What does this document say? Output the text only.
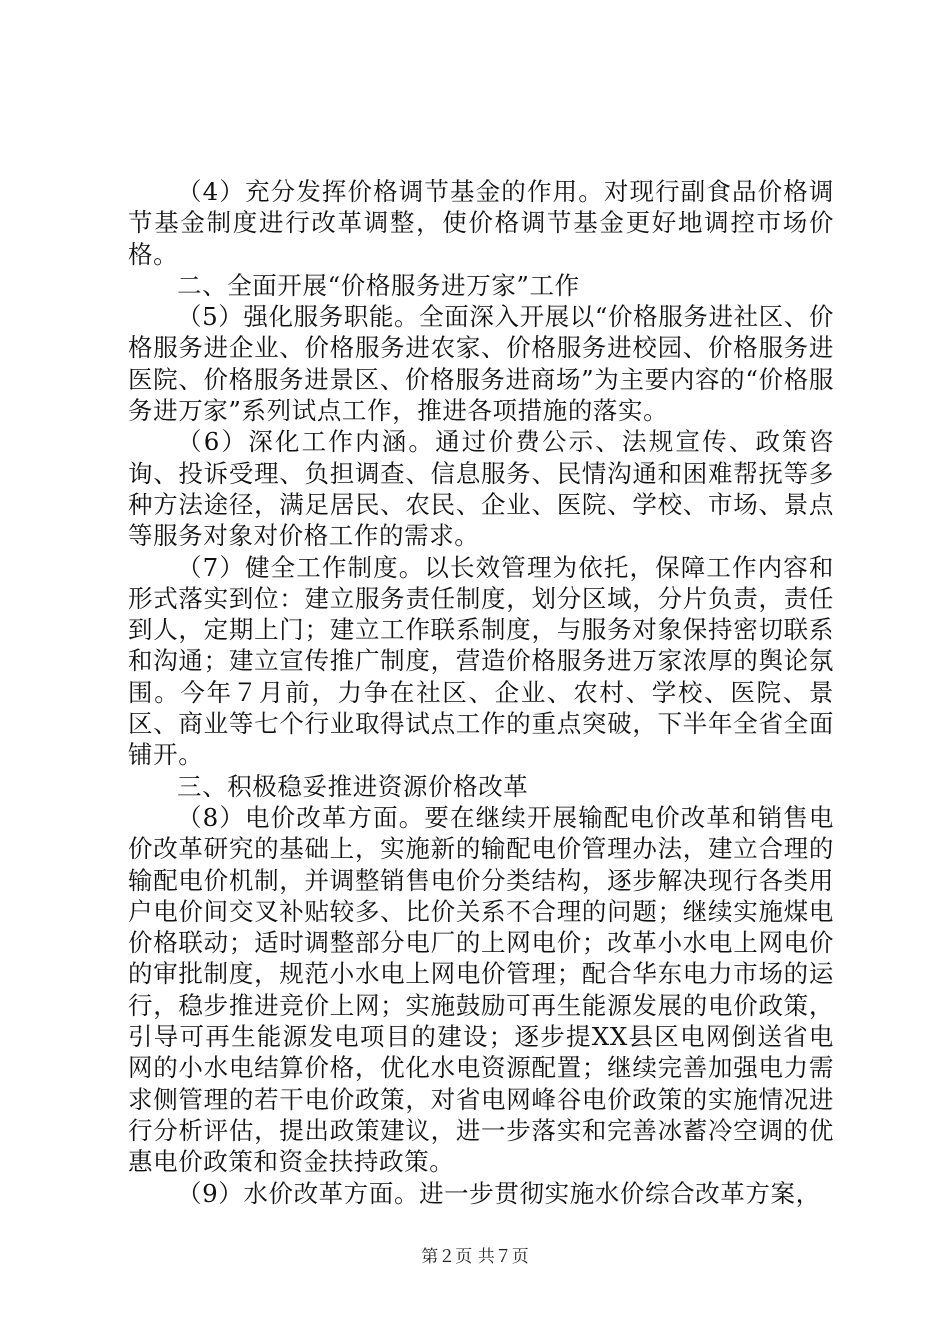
（4）充分发挥价格调节基金的作用。对现行副食品价格调节基金制度进行改革调整，使价格调节基金更好地调控市场价格。

二、全面开展“价格服务进万家”工作

（5）强化服务职能。全面深入开展以“价格服务进社区、价格服务进企业、价格服务进农家、价格服务进校园、价格服务进医院、价格服务进景区、价格服务进商场”为主要内容的“价格服务进万家”系列试点工作，推进各项措施的落实。

（6）深化工作内涵。通过价费公示、法规宣传、政策咨询、投诉受理、负担调查、信息服务、民情沟通和困难帮抚等多种方法途径，满足居民、农民、企业、医院、学校、市场、景点等服务对象对价格工作的需求。

（7）健全工作制度。以长效管理为依托，保障工作内容和形式落实到位：建立服务责任制度，划分区域，分片负责，责任到人，定期上门；建立工作联系制度，与服务对象保持密切联系和沟通；建立宣传推广制度，营造价格服务进万家浓厚的舆论氛围。今年７月前，力争在社区、企业、农村、学校、医院、景区、商业等七个行业取得试点工作的重点突破，下半年全省全面铺开。

三、积极稳妥推进资源价格改革

（8）电价改革方面。要在继续开展输配电价改革和销售电价改革研究的基础上，实施新的输配电价管理办法，建立合理的输配电价机制，并调整销售电价分类结构，逐步解决现行各类用户电价间交叉补贴较多、比价关系不合理的问题；继续实施煤电价格联动；适时调整部分电厂的上网电价；改革小水电上网电价的审批制度，规范小水电上网电价管理；配合华东电力市场的运行，稳步推进竞价上网；实施鼓励可再生能源发展的电价政策，引导可再生能源发电项目的建设；逐步提XX县区电网倒送省电网的小水电结算价格，优化水电资源配置；继续完善加强电力需求侧管理的若干电价政策，对省电网峰谷电价政策的实施情况进行分析评估，提出政策建议，进一步落实和完善冰蓄冷空调的优惠电价政策和资金扶持政策。

（9）水价改革方面。进一步贯彻实施水价综合改革方案，

第２页 共７页
